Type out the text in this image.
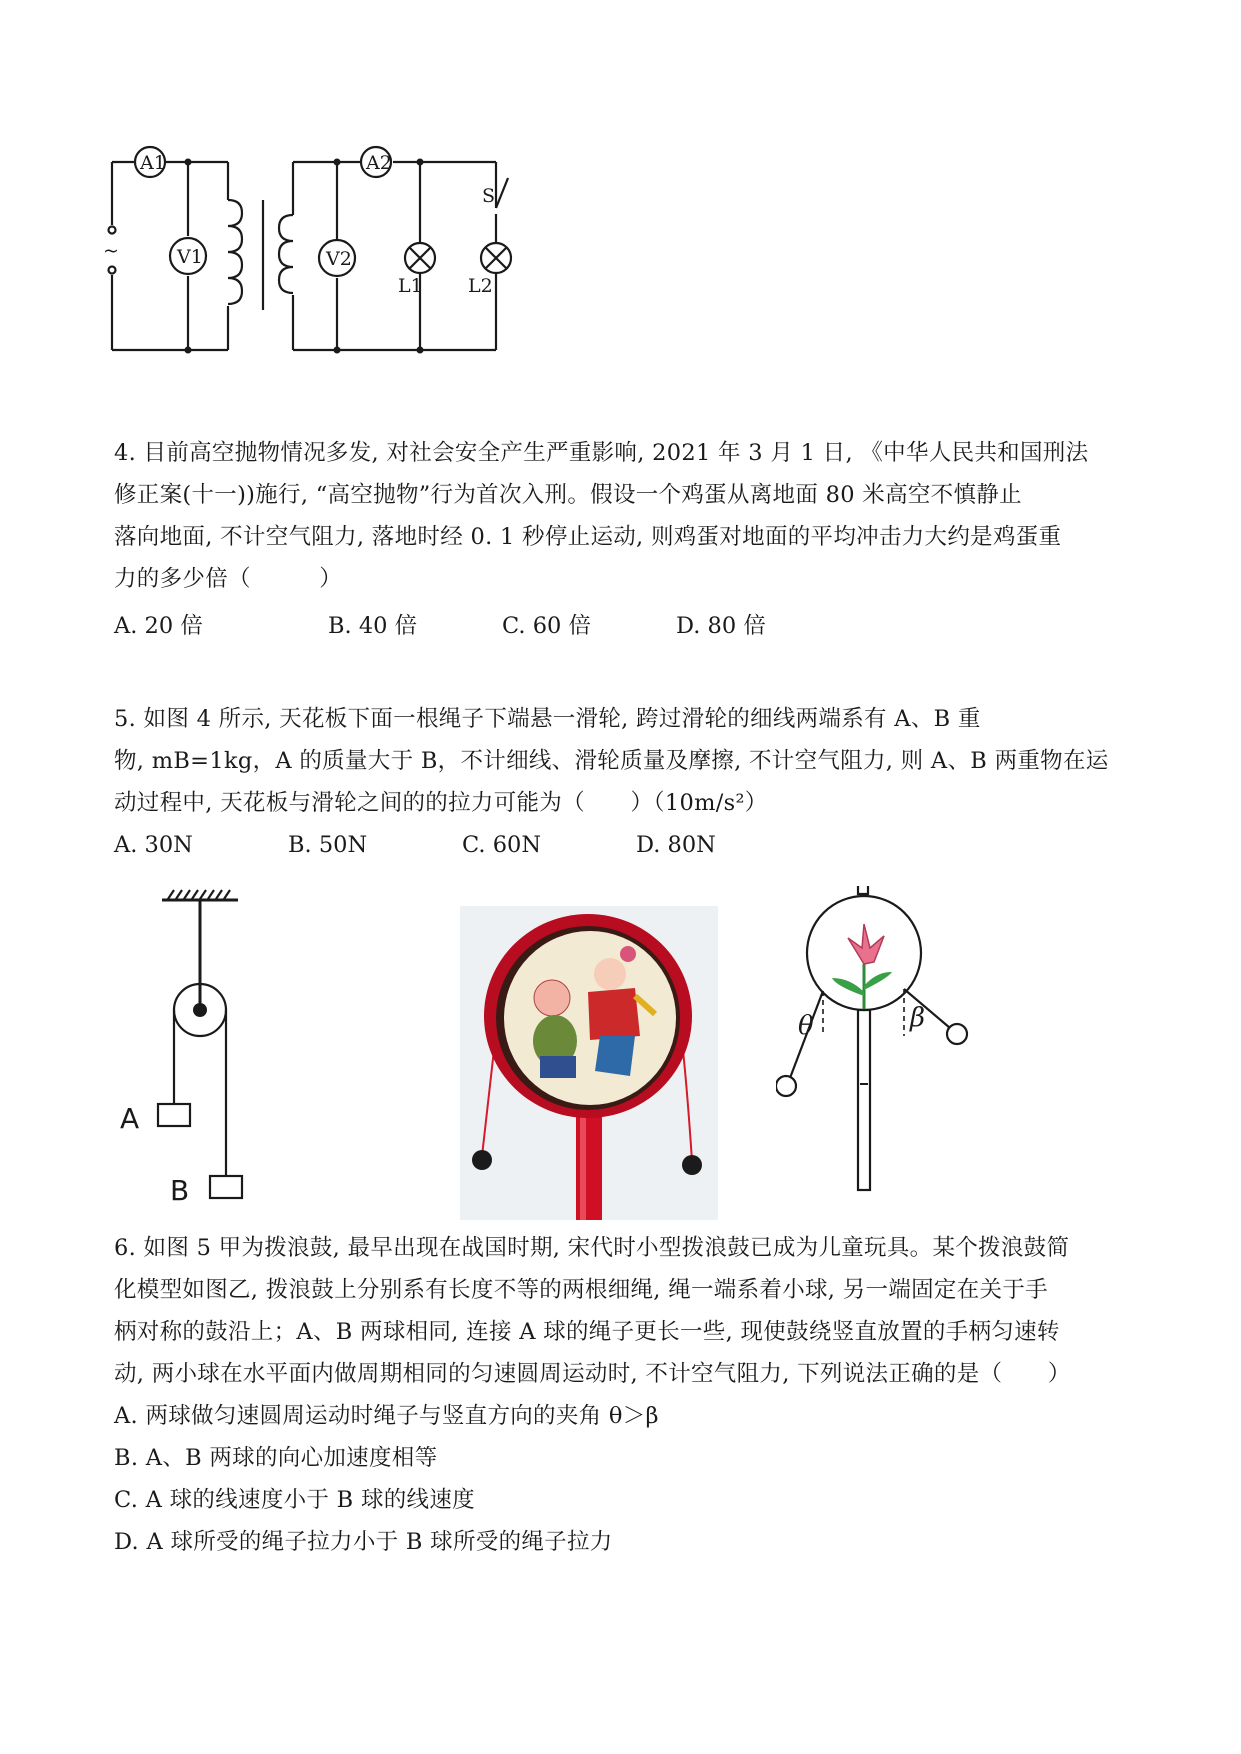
~
A1
V1
A2
V2
L1 L2
S
4. 目前高空抛物情况多发, 对社会安全产生严重影响, 2021 年 3 月 1 日, 《中华人民共和国刑法
修正案(十一))施行, “高空抛物”行为首次入刑。假设一个鸡蛋从离地面 80 米高空不慎静止
落向地面, 不计空气阻力, 落地时经 0. 1 秒停止运动, 则鸡蛋对地面的平均冲击力大约是鸡蛋重
力的多少倍（　　　）
A. 20 倍	B. 40 倍	C. 60 倍	D. 80 倍
5. 如图 4 所示, 天花板下面一根绳子下端悬一滑轮, 跨过滑轮的细线两端系有 A、B 重
物, mB=1kg，A 的质量大于 B，不计细线、滑轮质量及摩擦, 不计空气阻力, 则 A、B 两重物在运
动过程中, 天花板与滑轮之间的的拉力可能为（　　）（10m/s²）
A. 30N	B. 50N	C. 60N	D. 80N
A
B
θ	β
6. 如图 5 甲为拨浪鼓, 最早出现在战国时期, 宋代时小型拨浪鼓已成为儿童玩具。某个拨浪鼓简
化模型如图乙, 拨浪鼓上分别系有长度不等的两根细绳, 绳一端系着小球, 另一端固定在关于手
柄对称的鼓沿上；A、B 两球相同, 连接 A 球的绳子更长一些, 现使鼓绕竖直放置的手柄匀速转
动, 两小球在水平面内做周期相同的匀速圆周运动时, 不计空气阻力, 下列说法正确的是（　　）
A. 两球做匀速圆周运动时绳子与竖直方向的夹角 θ＞β
B. A、B 两球的向心加速度相等
C. A 球的线速度小于 B 球的线速度
D. A 球所受的绳子拉力小于 B 球所受的绳子拉力
